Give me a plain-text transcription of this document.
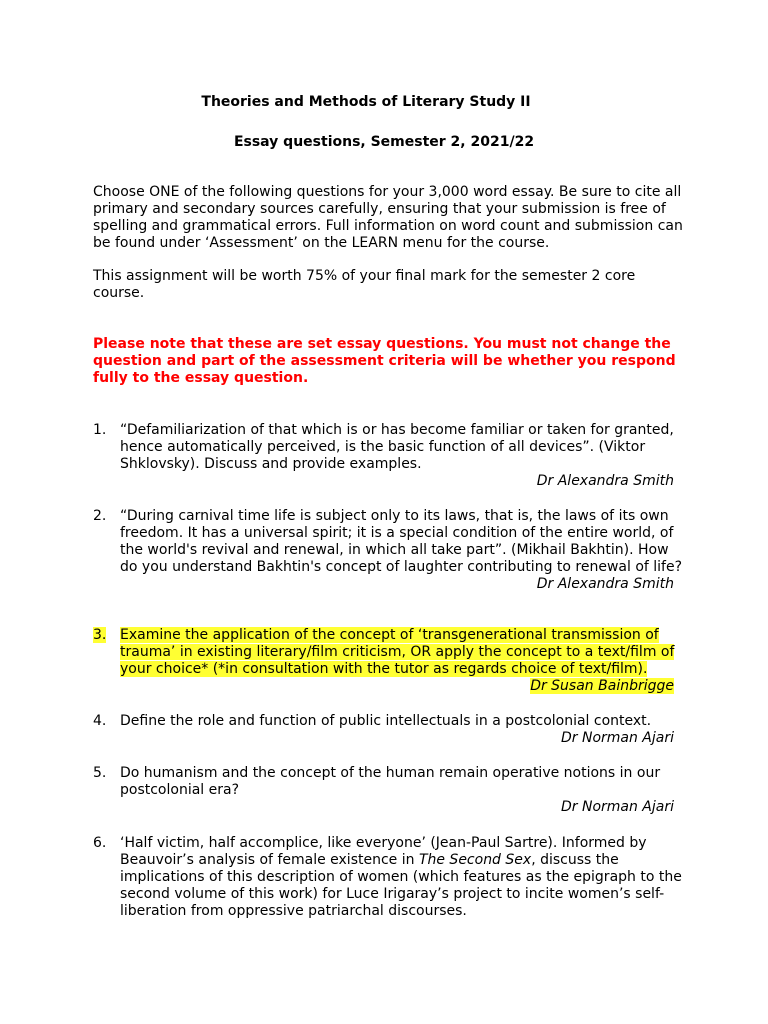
Theories and Methods of Literary Study II
Essay questions, Semester 2, 2021/22
Choose ONE of the following questions for your 3,000 word essay. Be sure to cite all primary and secondary sources carefully, ensuring that your submission is free of spelling and grammatical errors. Full information on word count and submission can be found under ‘Assessment’ on the LEARN menu for the course.
This assignment will be worth 75% of your final mark for the semester 2 core course.
Please note that these are set essay questions. You must not change the question and part of the assessment criteria will be whether you respond fully to the essay question.
1. “Defamiliarization of that which is or has become familiar or taken for granted, hence automatically perceived, is the basic function of all devices”. (Viktor Shklovsky). Discuss and provide examples.
Dr Alexandra Smith
2. “During carnival time life is subject only to its laws, that is, the laws of its own freedom. It has a universal spirit; it is a special condition of the entire world, of the world's revival and renewal, in which all take part”. (Mikhail Bakhtin). How do you understand Bakhtin's concept of laughter contributing to renewal of life?
Dr Alexandra Smith
3. Examine the application of the concept of ‘transgenerational transmission of trauma’ in existing literary/film criticism, OR apply the concept to a text/film of your choice* (*in consultation with the tutor as regards choice of text/film).
Dr Susan Bainbrigge
4. Define the role and function of public intellectuals in a postcolonial context.
Dr Norman Ajari
5. Do humanism and the concept of the human remain operative notions in our postcolonial era?
Dr Norman Ajari
6. ‘Half victim, half accomplice, like everyone’ (Jean-Paul Sartre). Informed by Beauvoir’s analysis of female existence in The Second Sex, discuss the implications of this description of women (which features as the epigraph to the second volume of this work) for Luce Irigaray’s project to incite women’s self-liberation from oppressive patriarchal discourses.
